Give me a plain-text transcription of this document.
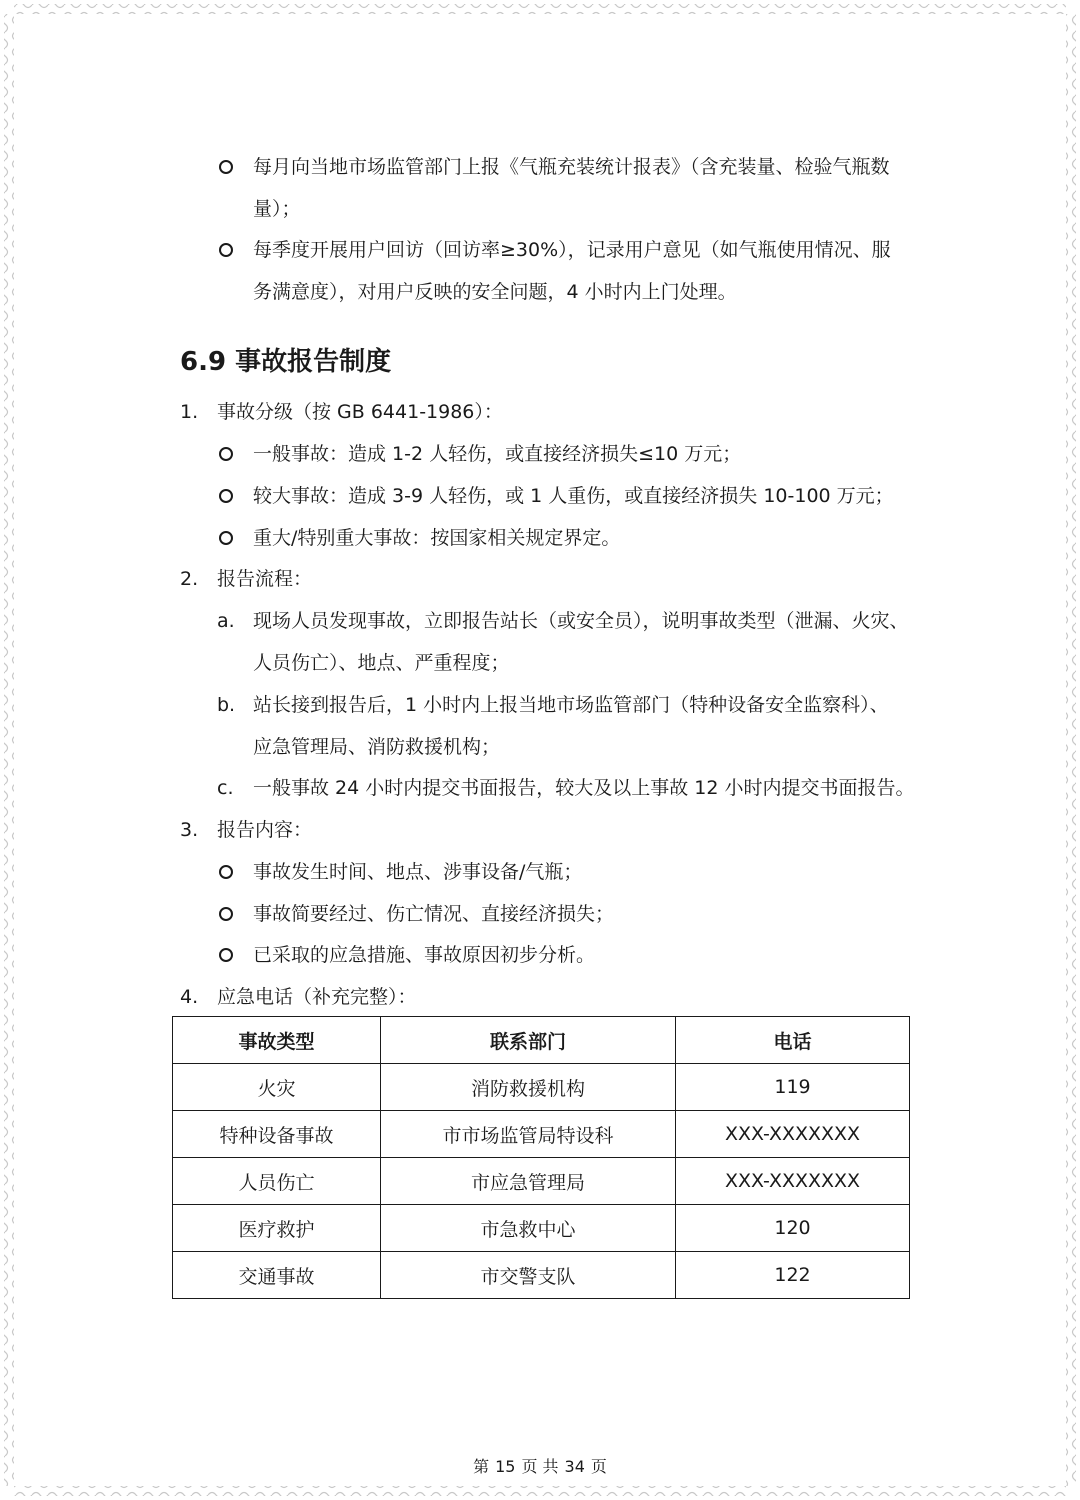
每月向当地市场监管部门上报《气瓶充装统计报表》（含充装量、检验气瓶数
量）；
每季度开展用户回访（回访率≥30%），记录用户意见（如气瓶使用情况、服
务满意度），对用户反映的安全问题，4 小时内上门处理。
6.9 事故报告制度
1. 事故分级（按 GB 6441-1986）：
一般事故：造成 1-2 人轻伤，或直接经济损失≤10 万元；
较大事故：造成 3-9 人轻伤，或 1 人重伤，或直接经济损失 10-100 万元；
重大/特别重大事故：按国家相关规定界定。
2. 报告流程：
a. 现场人员发现事故，立即报告站长（或安全员），说明事故类型（泄漏、火灾、
人员伤亡）、地点、严重程度；
b. 站长接到报告后，1 小时内上报当地市场监管部门（特种设备安全监察科）、
应急管理局、消防救援机构；
c. 一般事故 24 小时内提交书面报告，较大及以上事故 12 小时内提交书面报告。
3. 报告内容：
事故发生时间、地点、涉事设备/气瓶；
事故简要经过、伤亡情况、直接经济损失；
已采取的应急措施、事故原因初步分析。
4. 应急电话（补充完整）：
事故类型	联系部门	电话
火灾	消防救援机构	119
特种设备事故	市市场监管局特设科	XXX-XXXXXXX
人员伤亡	市应急管理局	XXX-XXXXXXX
医疗救护	市急救中心	120
交通事故	市交警支队	122
第 15 页 共 34 页
